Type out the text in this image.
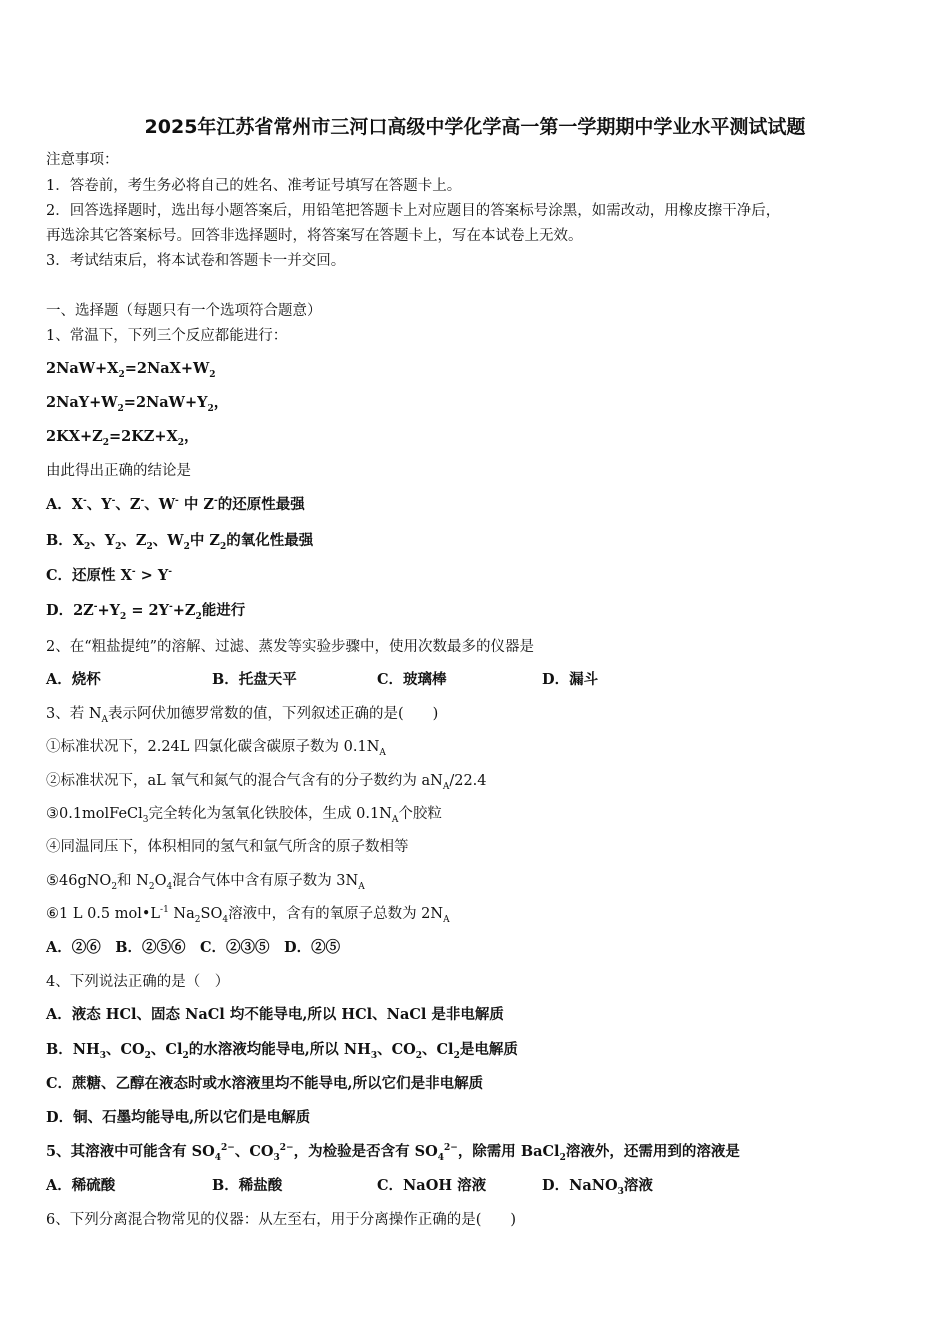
2025年江苏省常州市三河口高级中学化学高一第一学期期中学业水平测试试题
注意事项：
1．答卷前，考生务必将自己的姓名、准考证号填写在答题卡上。
2．回答选择题时，选出每小题答案后，用铅笔把答题卡上对应题目的答案标号涂黑，如需改动，用橡皮擦干净后，
再选涂其它答案标号。回答非选择题时，将答案写在答题卡上，写在本试卷上无效。
3．考试结束后，将本试卷和答题卡一并交回。
一、选择题（每题只有一个选项符合题意）
1、常温下，下列三个反应都能进行：
$2NaW+X_2=2NaX+W_2$
$2NaY+W_2=2NaW+Y_2$，
$2KX+Z_2=2KZ+X_2$，
由此得出正确的结论是
A．X-、Y-、Z-、W- 中 Z-的还原性最强
B．$X_2$、$Y_2$、$Z_2$、$W_2$中 $Z_2$的氧化性最强
C．还原性 X- > Y-
D．$2Z^-+Y_2 = 2Y^-+Z_2$能进行
2、在“粗盐提纯”的溶解、过滤、蒸发等实验步骤中，使用次数最多的仪器是
A．烧杯	B．托盘天平	C．玻璃棒	D．漏斗
3、若 $N_A$表示阿伏加德罗常数的值，下列叙述正确的是(　　)
①标准状况下，2.24L 四氯化碳含碳原子数为 $0.1N_A$
②标准状况下，aL 氧气和氮气的混合气含有的分子数约为 $aN_A/22.4$
③0.1molFeCl$_3$完全转化为氢氧化铁胶体，生成 $0.1N_A$个胶粒
④同温同压下，体积相同的氢气和氩气所含的原子数相等
⑤46gNO$_2$和 $N_2O_4$混合气体中含有原子数为 $3N_A$
⑥1 L 0.5 $mol•L^{-1}$ $Na_2SO_4$溶液中，含有的氧原子总数为 $2N_A$
A．②⑥　B．②⑤⑥　C．②③⑤　D．②⑤
4、下列说法正确的是（　）
A．液态 HCl、固态 NaCl 均不能导电,所以 HCl、NaCl 是非电解质
B．$NH_3$、$CO_2$、$Cl_2$的水溶液均能导电,所以 $NH_3$、$CO_2$、$Cl_2$是电解质
C．蔗糖、乙醇在液态时或水溶液里均不能导电,所以它们是非电解质
D．铜、石墨均能导电,所以它们是电解质
5、其溶液中可能含有 $SO_4^{2-}$、$CO_3^{2-}$，为检验是否含有 $SO_4^{2-}$，除需用 BaCl$_2$溶液外，还需用到的溶液是
A．稀硫酸	B．稀盐酸	C．NaOH 溶液	D．NaNO$_3$溶液
6、下列分离混合物常见的仪器：从左至右，用于分离操作正确的是(　　)
